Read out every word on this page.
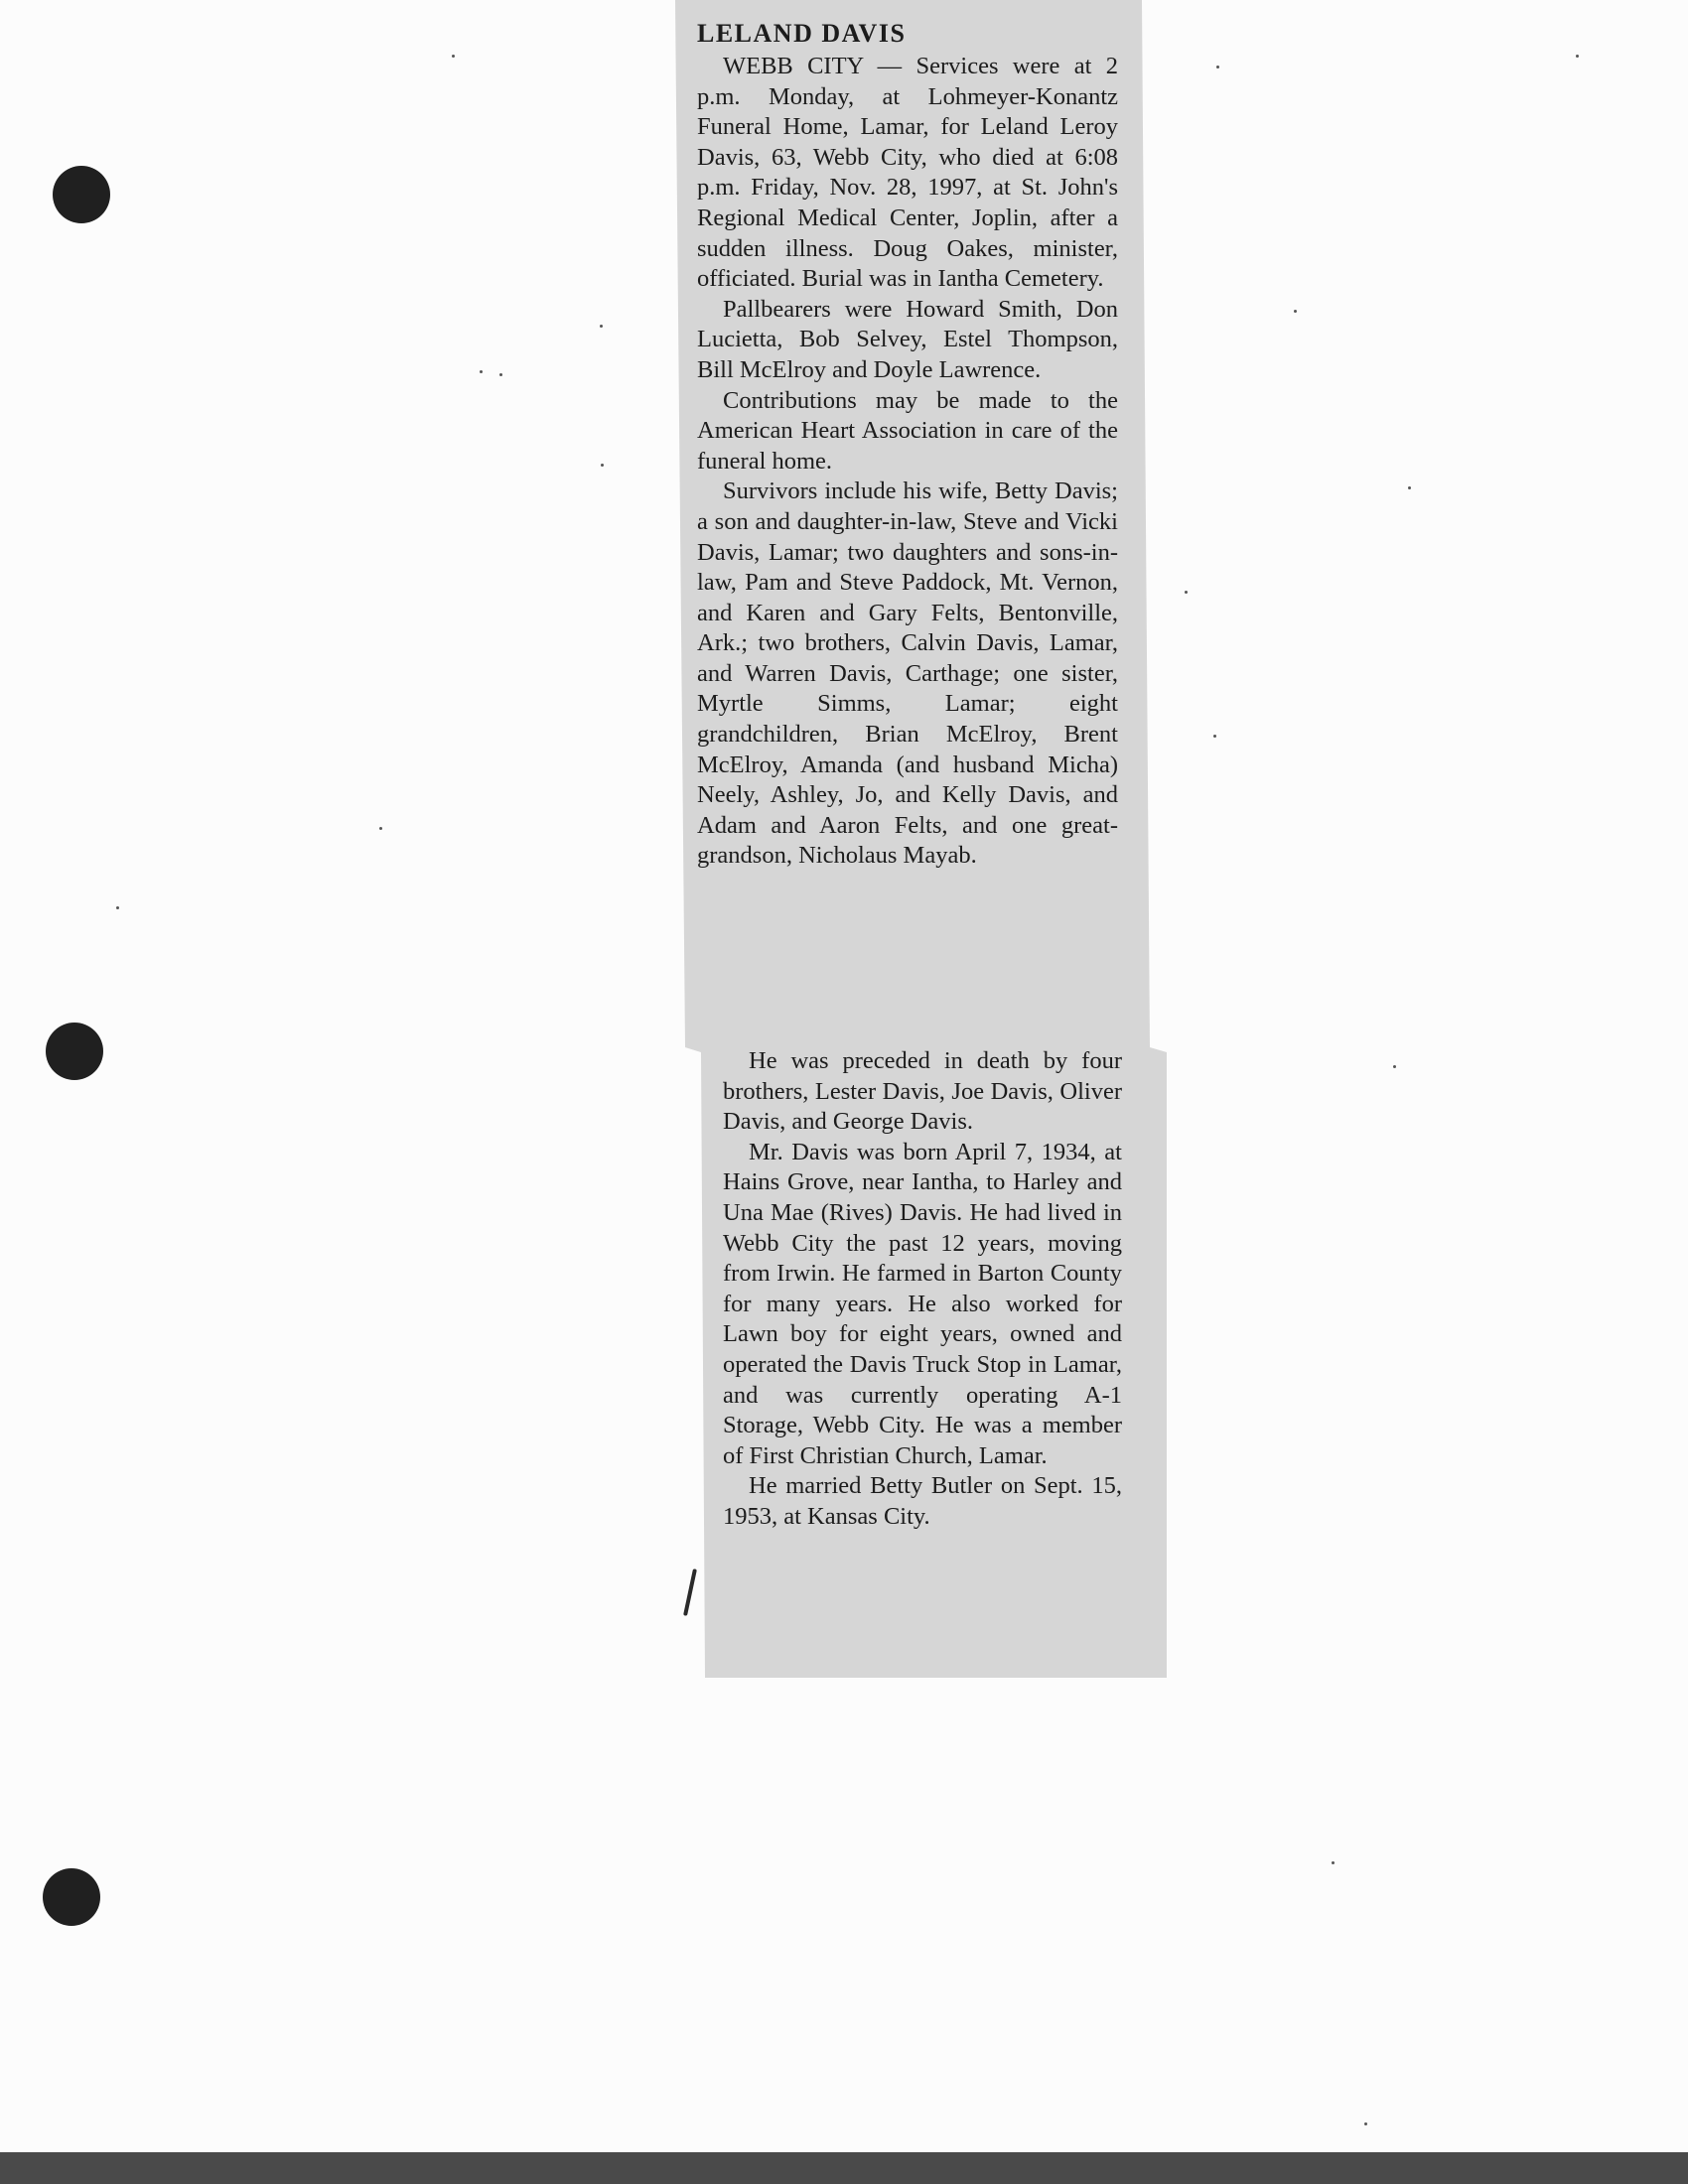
LELAND DAVIS

WEBB CITY — Services were at 2 p.m. Monday, at Lohmeyer-Konantz Funeral Home, Lamar, for Leland Leroy Davis, 63, Webb City, who died at 6:08 p.m. Friday, Nov. 28, 1997, at St. John's Regional Medical Center, Joplin, after a sudden illness. Doug Oakes, minister, officiated. Burial was in Iantha Cemetery.

Pallbearers were Howard Smith, Don Lucietta, Bob Selvey, Estel Thompson, Bill McElroy and Doyle Lawrence.

Contributions may be made to the American Heart Association in care of the funeral home.

Survivors include his wife, Betty Davis; a son and daughter-in-law, Steve and Vicki Davis, Lamar; two daughters and sons-in-law, Pam and Steve Paddock, Mt. Vernon, and Karen and Gary Felts, Bentonville, Ark.; two brothers, Calvin Davis, Lamar, and Warren Davis, Carthage; one sister, Myrtle Simms, Lamar; eight grandchildren, Brian McElroy, Brent McElroy, Amanda (and husband Micha) Neely, Ashley, Jo, and Kelly Davis, and Adam and Aaron Felts, and one great-grandson, Nicholaus Mayab.

He was preceded in death by four brothers, Lester Davis, Joe Davis, Oliver Davis, and George Davis.

Mr. Davis was born April 7, 1934, at Hains Grove, near Iantha, to Harley and Una Mae (Rives) Davis. He had lived in Webb City the past 12 years, moving from Irwin. He farmed in Barton County for many years. He also worked for Lawn boy for eight years, owned and operated the Davis Truck Stop in Lamar, and was currently operating A-1 Storage, Webb City. He was a member of First Christian Church, Lamar.

He married Betty Butler on Sept. 15, 1953, at Kansas City.
